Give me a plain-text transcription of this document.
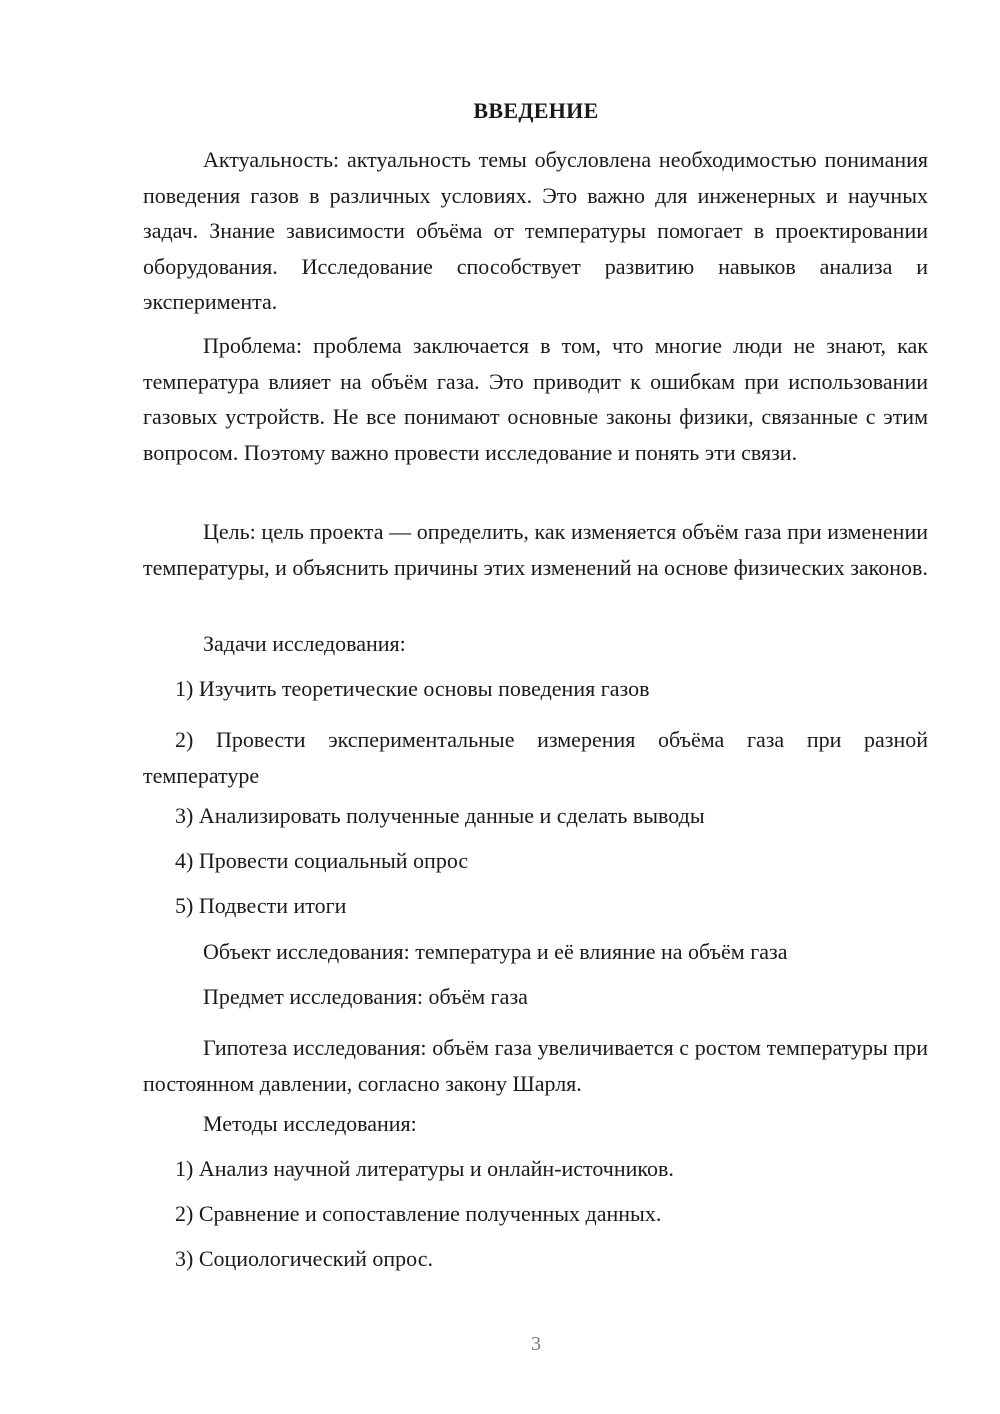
ВВЕДЕНИЕ
Актуальность: актуальность темы обусловлена необходимостью понимания поведения газов в различных условиях. Это важно для инженерных и научных задач. Знание зависимости объёма от температуры помогает в проектировании оборудования. Исследование способствует развитию навыков анализа и эксперимента.
Проблема: проблема заключается в том, что многие люди не знают, как температура влияет на объём газа. Это приводит к ошибкам при использовании газовых устройств. Не все понимают основные законы физики, связанные с этим вопросом. Поэтому важно провести исследование и понять эти связи.
Цель: цель проекта — определить, как изменяется объём газа при изменении температуры, и объяснить причины этих изменений на основе физических законов.
Задачи исследования:
1) Изучить теоретические основы поведения газов
2) Провести экспериментальные измерения объёма газа при разной температуре
3) Анализировать полученные данные и сделать выводы
4) Провести социальный опрос
5) Подвести итоги
Объект исследования: температура и её влияние на объём газа
Предмет исследования: объём газа
Гипотеза исследования: объём газа увеличивается с ростом температуры при постоянном давлении, согласно закону Шарля.
Методы исследования:
1) Анализ научной литературы и онлайн-источников.
2) Сравнение и сопоставление полученных данных.
3) Социологический опрос.
3
